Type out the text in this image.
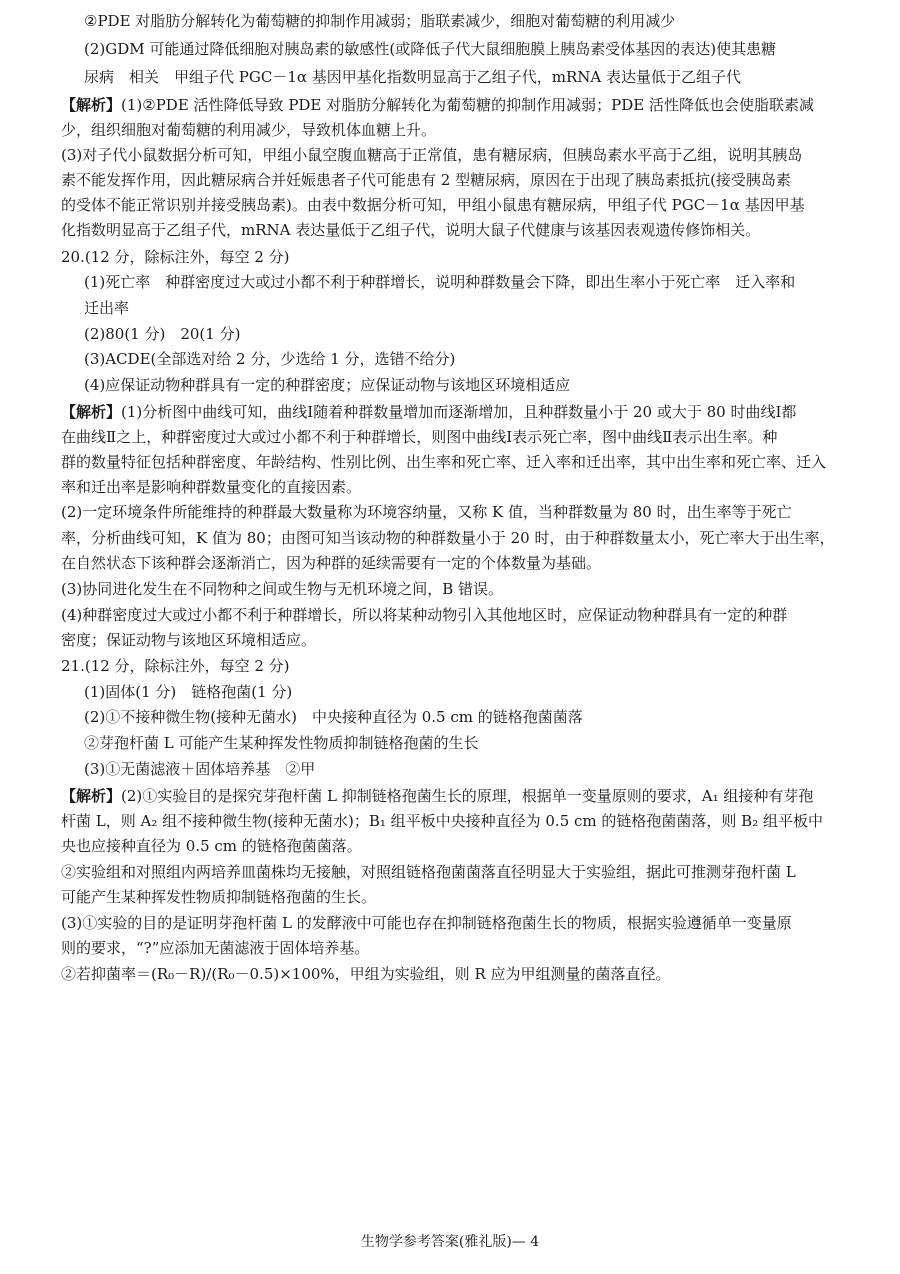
②PDE 对脂肪分解转化为葡萄糖的抑制作用减弱；脂联素减少，细胞对葡萄糖的利用减少
(2)GDM 可能通过降低细胞对胰岛素的敏感性(或降低子代大鼠细胞膜上胰岛素受体基因的表达)使其患糖
尿病　相关　甲组子代 PGC－1α 基因甲基化指数明显高于乙组子代，mRNA 表达量低于乙组子代
【解析】(1)②PDE 活性降低导致 PDE 对脂肪分解转化为葡萄糖的抑制作用减弱；PDE 活性降低也会使脂联素减
少，组织细胞对葡萄糖的利用减少，导致机体血糖上升。
(3)对子代小鼠数据分析可知，甲组小鼠空腹血糖高于正常值，患有糖尿病，但胰岛素水平高于乙组，说明其胰岛
素不能发挥作用，因此糖尿病合并妊娠患者子代可能患有 2 型糖尿病，原因在于出现了胰岛素抵抗(接受胰岛素
的受体不能正常识别并接受胰岛素)。由表中数据分析可知，甲组小鼠患有糖尿病，甲组子代 PGC－1α 基因甲基
化指数明显高于乙组子代，mRNA 表达量低于乙组子代，说明大鼠子代健康与该基因表观遗传修饰相关。
20.(12 分，除标注外，每空 2 分)
(1)死亡率　种群密度过大或过小都不利于种群增长，说明种群数量会下降，即出生率小于死亡率　迁入率和
迁出率
(2)80(1 分)　20(1 分)
(3)ACDE(全部选对给 2 分，少选给 1 分，选错不给分)
(4)应保证动物种群具有一定的种群密度；应保证动物与该地区环境相适应
【解析】(1)分析图中曲线可知，曲线Ⅰ随着种群数量增加而逐渐增加，且种群数量小于 20 或大于 80 时曲线Ⅰ都
在曲线Ⅱ之上，种群密度过大或过小都不利于种群增长，则图中曲线Ⅰ表示死亡率，图中曲线Ⅱ表示出生率。种
群的数量特征包括种群密度、年龄结构、性别比例、出生率和死亡率、迁入率和迁出率，其中出生率和死亡率、迁入
率和迁出率是影响种群数量变化的直接因素。
(2)一定环境条件所能维持的种群最大数量称为环境容纳量，又称 K 值，当种群数量为 80 时，出生率等于死亡
率，分析曲线可知，K 值为 80；由图可知当该动物的种群数量小于 20 时，由于种群数量太小，死亡率大于出生率，
在自然状态下该种群会逐渐消亡，因为种群的延续需要有一定的个体数量为基础。
(3)协同进化发生在不同物种之间或生物与无机环境之间，B 错误。
(4)种群密度过大或过小都不利于种群增长，所以将某种动物引入其他地区时，应保证动物种群具有一定的种群
密度；保证动物与该地区环境相适应。
21.(12 分，除标注外，每空 2 分)
(1)固体(1 分)　链格孢菌(1 分)
(2)①不接种微生物(接种无菌水)　中央接种直径为 0.5 cm 的链格孢菌菌落
②芽孢杆菌 L 可能产生某种挥发性物质抑制链格孢菌的生长
(3)①无菌滤液＋固体培养基　②甲
【解析】(2)①实验目的是探究芽孢杆菌 L 抑制链格孢菌生长的原理，根据单一变量原则的要求，A₁ 组接种有芽孢
杆菌 L，则 A₂ 组不接种微生物(接种无菌水)；B₁ 组平板中央接种直径为 0.5 cm 的链格孢菌菌落，则 B₂ 组平板中
央也应接种直径为 0.5 cm 的链格孢菌菌落。
②实验组和对照组内两培养皿菌株均无接触，对照组链格孢菌菌落直径明显大于实验组，据此可推测芽孢杆菌 L
可能产生某种挥发性物质抑制链格孢菌的生长。
(3)①实验的目的是证明芽孢杆菌 L 的发酵液中可能也存在抑制链格孢菌生长的物质，根据实验遵循单一变量原
则的要求，“?”应添加无菌滤液于固体培养基。
②若抑菌率＝(R₀－R)/(R₀－0.5)×100%，甲组为实验组，则 R 应为甲组测量的菌落直径。
生物学参考答案(雅礼版)— 4
